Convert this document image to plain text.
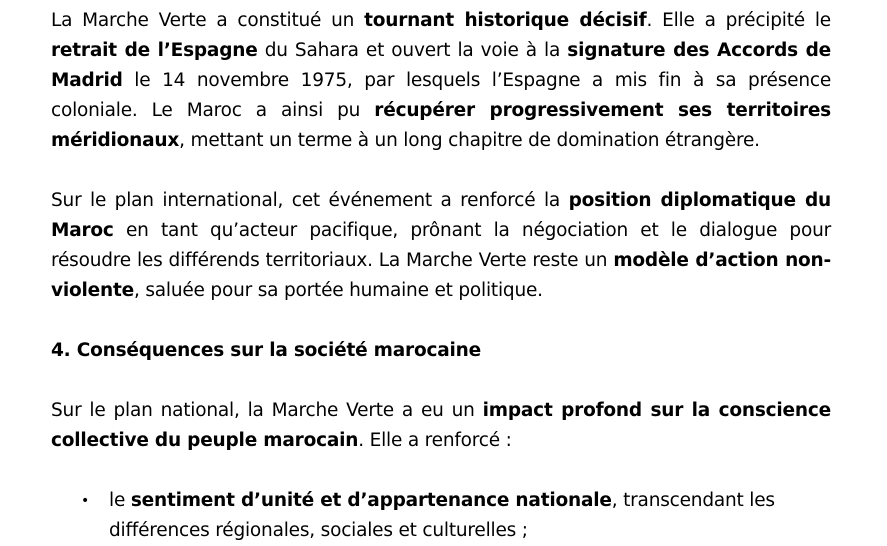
La Marche Verte a constitué un tournant historique décisif. Elle a précipité le retrait de l’Espagne du Sahara et ouvert la voie à la signature des Accords de Madrid le 14 novembre 1975, par lesquels l’Espagne a mis fin à sa présence coloniale. Le Maroc a ainsi pu récupérer progressivement ses territoires méridionaux, mettant un terme à un long chapitre de domination étrangère.

Sur le plan international, cet événement a renforcé la position diplomatique du Maroc en tant qu’acteur pacifique, prônant la négociation et le dialogue pour résoudre les différends territoriaux. La Marche Verte reste un modèle d’action non-violente, saluée pour sa portée humaine et politique.

4. Conséquences sur la société marocaine

Sur le plan national, la Marche Verte a eu un impact profond sur la conscience collective du peuple marocain. Elle a renforcé :

• le sentiment d’unité et d’appartenance nationale, transcendant les différences régionales, sociales et culturelles ;
